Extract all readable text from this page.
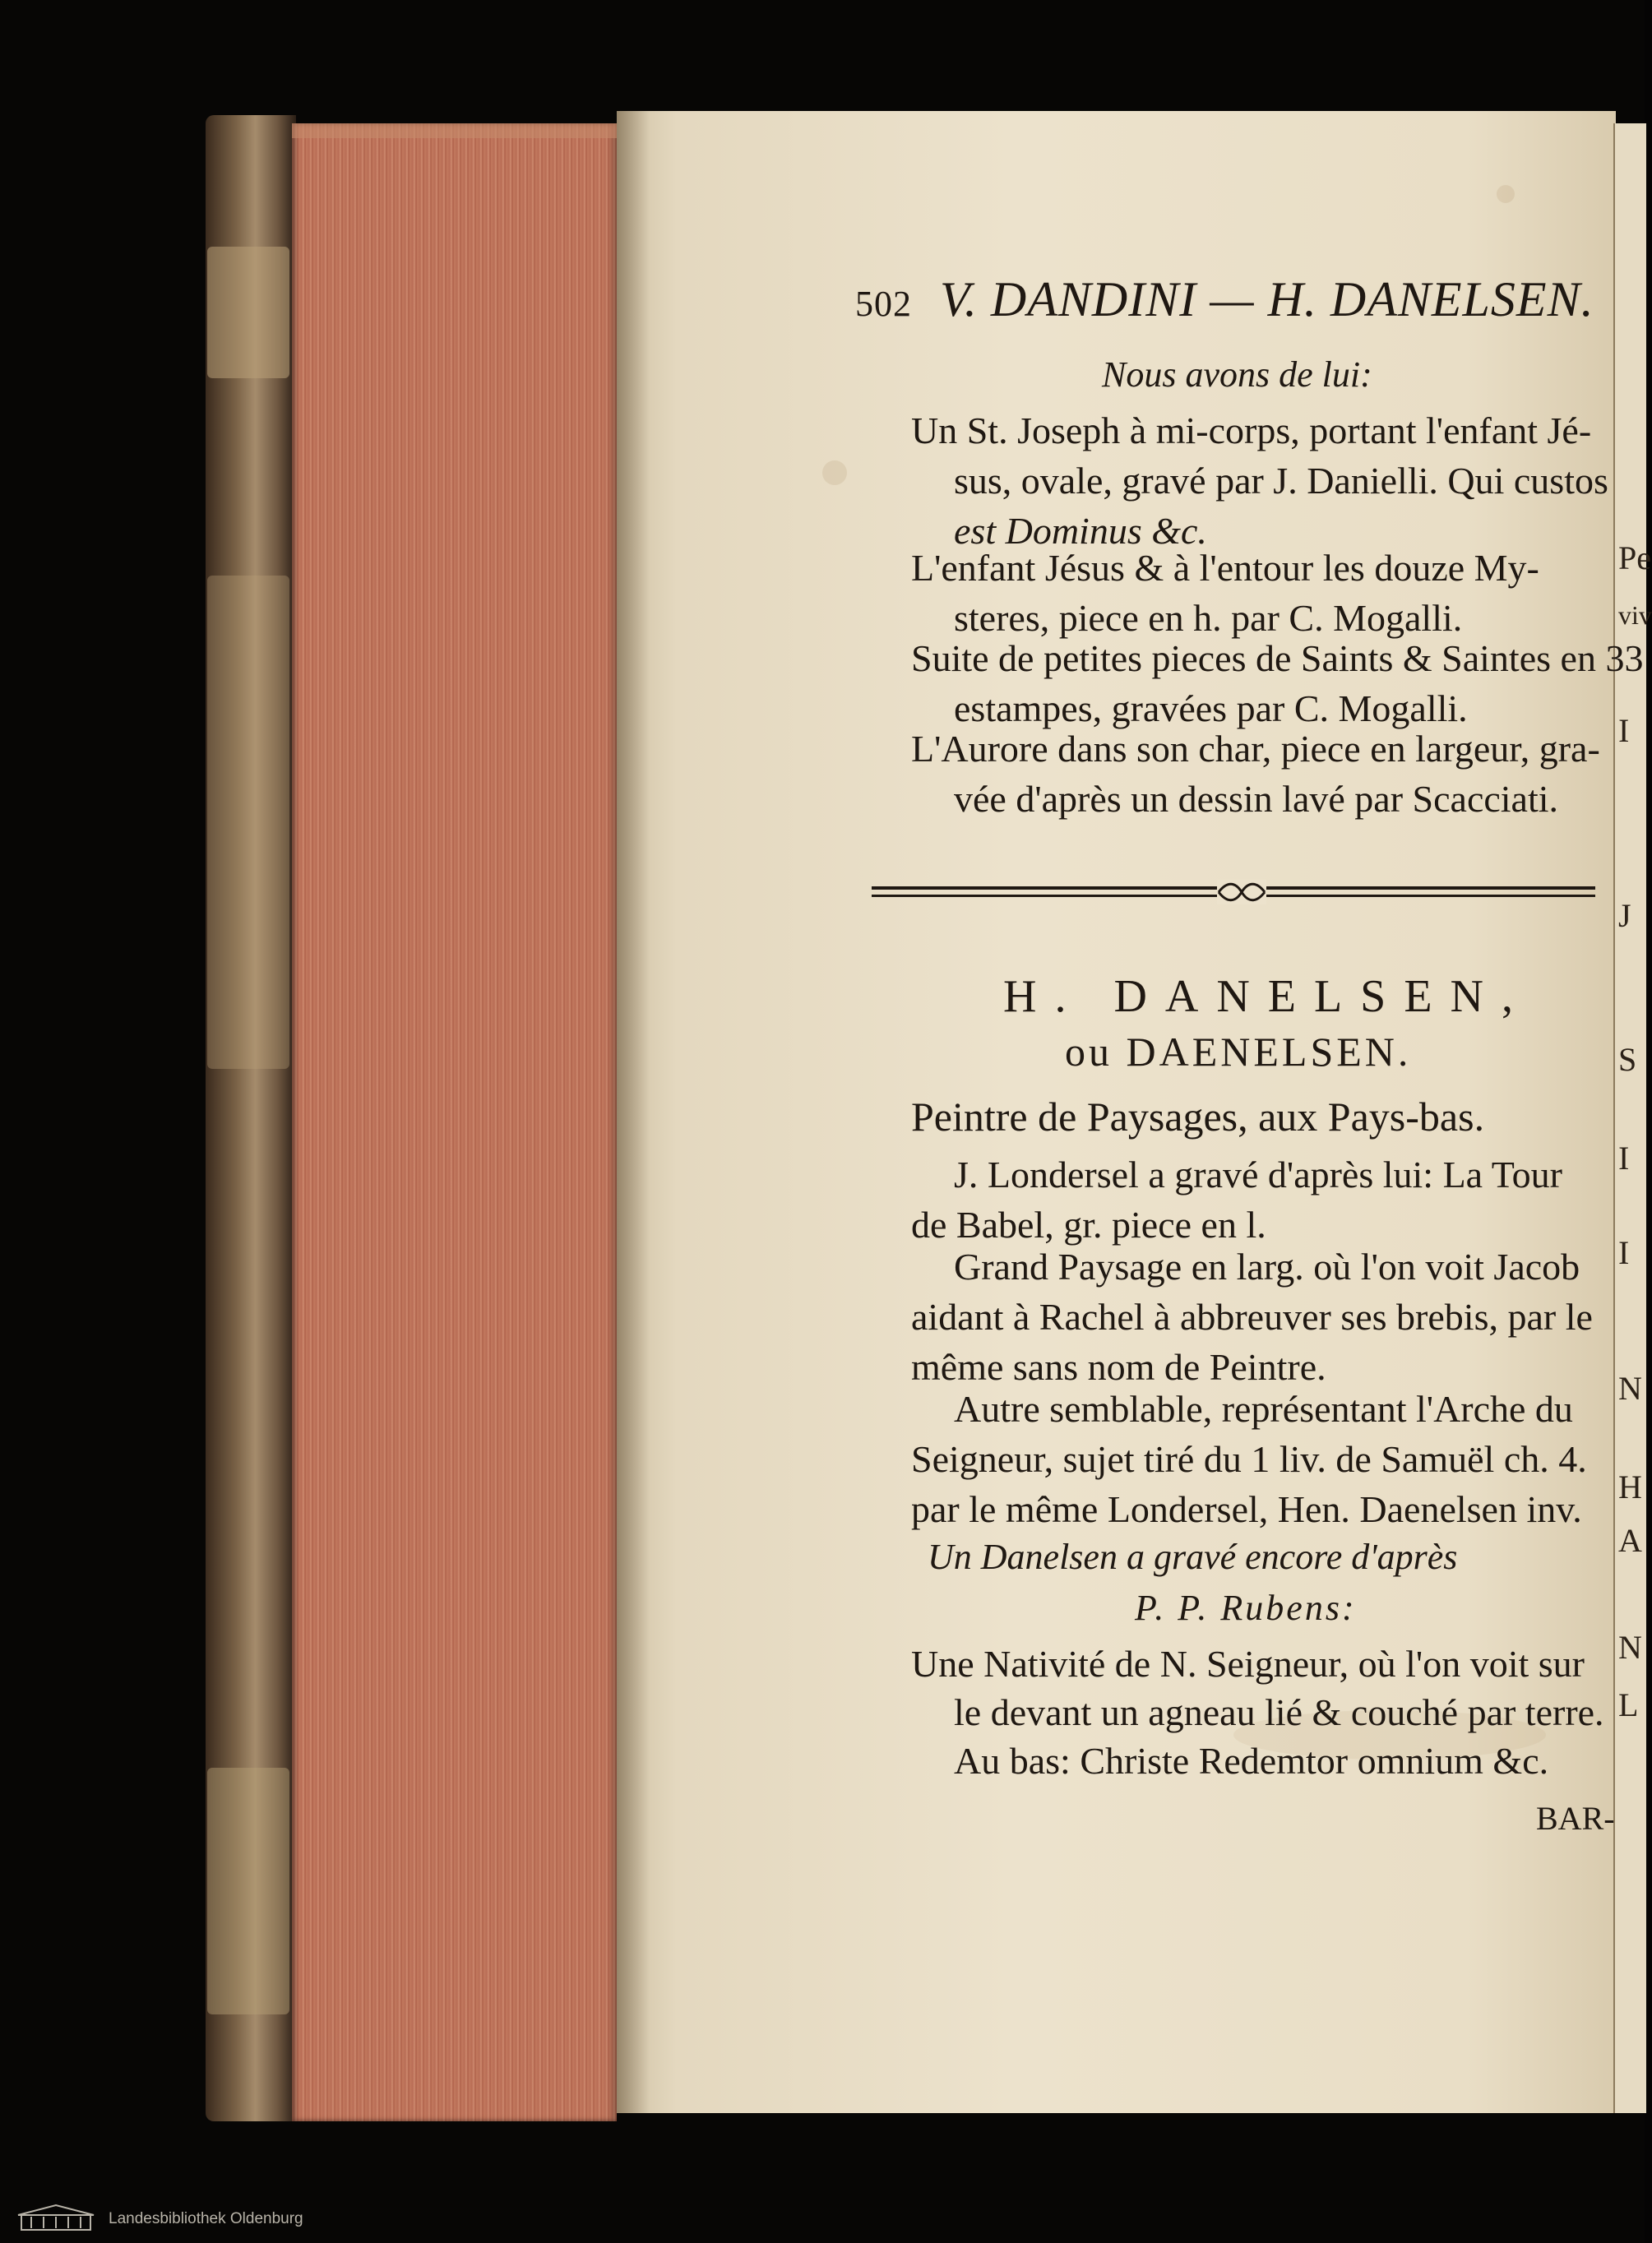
Pe
viv
I
J
S
I
I
N
H
A
N
L
502 V. DANDINI — H. DANELSEN.
Nous avons de lui:
Un St. Joseph à mi-corps, portant l'enfant Jé-
sus, ovale, gravé par J. Danielli. Qui custos
est Dominus &c.
L'enfant Jésus & à l'entour les douze My-
steres, piece en h. par C. Mogalli.
Suite de petites pieces de Saints & Saintes en 33
estampes, gravées par C. Mogalli.
L'Aurore dans son char, piece en largeur, gra-
vée d'après un dessin lavé par Scacciati.
H. DANELSEN,
ou DAENELSEN.
Peintre de Paysages, aux Pays-bas.
J. Londersel a gravé d'après lui: La Tour
de Babel, gr. piece en l.
Grand Paysage en larg. où l'on voit Jacob
aidant à Rachel à abbreuver ses brebis, par le
même sans nom de Peintre.
Autre semblable, représentant l'Arche du
Seigneur, sujet tiré du 1 liv. de Samuël ch. 4.
par le même Londersel, Hen. Daenelsen inv.
Un Danelsen a gravé encore d'après
P. P. Rubens:
Une Nativité de N. Seigneur, où l'on voit sur
le devant un agneau lié & couché par terre.
Au bas: Christe Redemtor omnium &c.
BAR-
Landesbibliothek Oldenburg
